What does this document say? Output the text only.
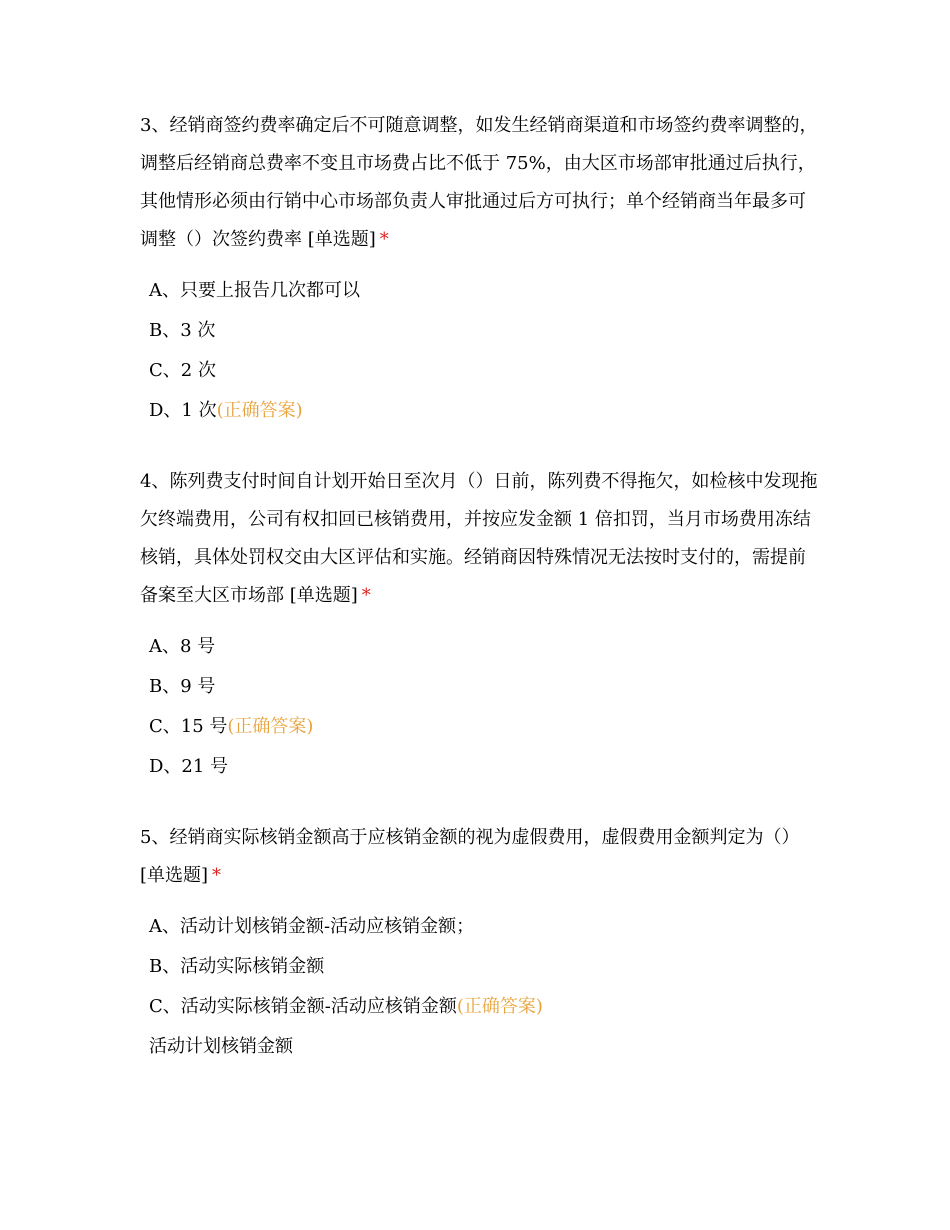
3、经销商签约费率确定后不可随意调整，如发生经销商渠道和市场签约费率调整的，调整后经销商总费率不变且市场费占比不低于 75%，由大区市场部审批通过后执行，其他情形必须由行销中心市场部负责人审批通过后方可执行；单个经销商当年最多可调整（）次签约费率 [单选题] *

A、只要上报告几次都可以
B、3 次
C、2 次
D、1 次(正确答案)

4、陈列费支付时间自计划开始日至次月（）日前，陈列费不得拖欠，如检核中发现拖欠终端费用，公司有权扣回已核销费用，并按应发金额 1 倍扣罚，当月市场费用冻结核销，具体处罚权交由大区评估和实施。经销商因特殊情况无法按时支付的，需提前备案至大区市场部 [单选题] *

A、8 号
B、9 号
C、15 号(正确答案)
D、21 号

5、经销商实际核销金额高于应核销金额的视为虚假费用，虚假费用金额判定为（） [单选题] *

A、活动计划核销金额-活动应核销金额；
B、活动实际核销金额
C、活动实际核销金额-活动应核销金额(正确答案)
活动计划核销金额
